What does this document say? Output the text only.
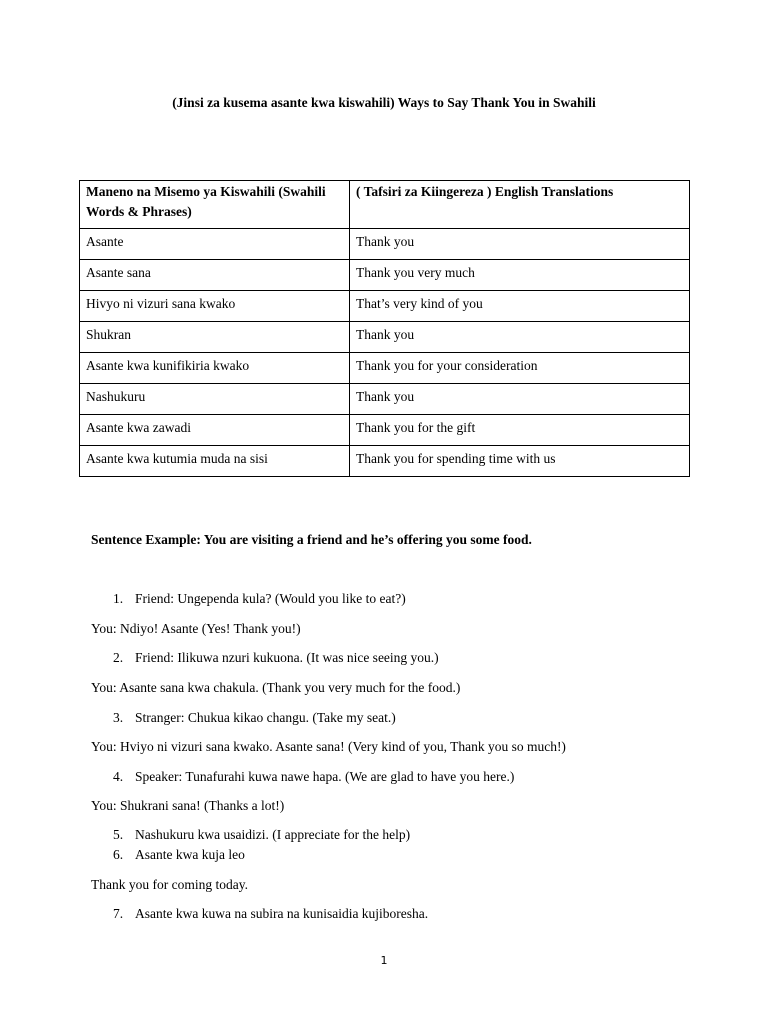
(Jinsi za kusema asante kwa kiswahili) Ways to Say Thank You in Swahili
Maneno na Misemo ya Kiswahili (Swahili Words & Phrases)	( Tafsiri za Kiingereza ) English Translations
Asante	Thank you
Asante sana	Thank you very much
Hivyo ni vizuri sana kwako	That’s very kind of you
Shukran	Thank you
Asante kwa kunifikiria kwako	Thank you for your consideration
Nashukuru	Thank you
Asante kwa zawadi	Thank you for the gift
Asante kwa kutumia muda na sisi	Thank you for spending time with us
Sentence Example: You are visiting a friend and he’s offering you some food.
1. Friend: Ungependa kula? (Would you like to eat?)
You: Ndiyo! Asante (Yes! Thank you!)
2. Friend: Ilikuwa nzuri kukuona. (It was nice seeing you.)
You: Asante sana kwa chakula. (Thank you very much for the food.)
3. Stranger: Chukua kikao changu. (Take my seat.)
You: Hviyo ni vizuri sana kwako. Asante sana! (Very kind of you, Thank you so much!)
4. Speaker: Tunafurahi kuwa nawe hapa. (We are glad to have you here.)
You: Shukrani sana! (Thanks a lot!)
5. Nashukuru kwa usaidizi. (I appreciate for the help)
6. Asante kwa kuja leo
Thank you for coming today.
7. Asante kwa kuwa na subira na kunisaidia kujiboresha.
1
